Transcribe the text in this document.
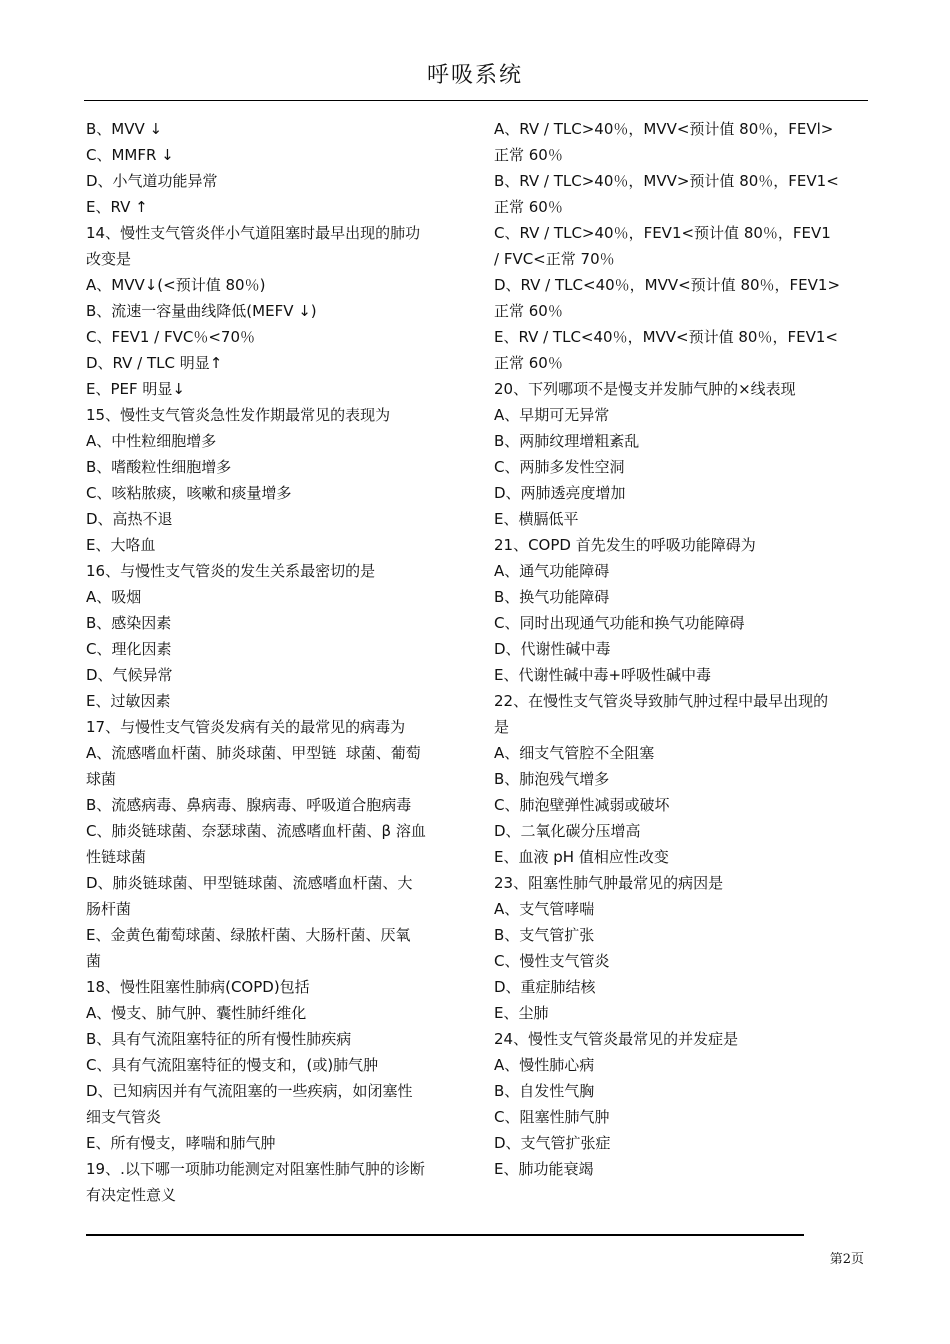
呼吸系统
B、MVV ↓
C、MMFR ↓
D、小气道功能异常
E、RV ↑
14、慢性支气管炎伴小气道阻塞时最早出现的肺功
改变是
A、MVV↓(<预计值 80％)
B、流速一容量曲线降低(MEFV ↓)
C、FEV1 / FVC％<70％
D、RV / TLC 明显↑
E、PEF 明显↓
15、慢性支气管炎急性发作期最常见的表现为
A、中性粒细胞增多
B、嗜酸粒性细胞增多
C、咳粘脓痰，咳嗽和痰量增多
D、高热不退
E、大咯血
16、与慢性支气管炎的发生关系最密切的是
A、吸烟
B、感染因素
C、理化因素
D、气候异常
E、过敏因素
17、与慢性支气管炎发病有关的最常见的病毒为
A、流感嗜血杆菌、肺炎球菌、甲型链  球菌、葡萄
球菌
B、流感病毒、鼻病毒、腺病毒、呼吸道合胞病毒
C、肺炎链球菌、奈瑟球菌、流感嗜血杆菌、β 溶血
性链球菌
D、肺炎链球菌、甲型链球菌、流感嗜血杆菌、大
肠杆菌
E、金黄色葡萄球菌、绿脓杆菌、大肠杆菌、厌氧
菌
18、慢性阻塞性肺病(COPD)包括
A、慢支、肺气肿、囊性肺纤维化
B、具有气流阻塞特征的所有慢性肺疾病
C、具有气流阻塞特征的慢支和，(或)肺气肿
D、已知病因并有气流阻塞的一些疾病，如闭塞性
细支气管炎
E、所有慢支，哮喘和肺气肿
19、.以下哪一项肺功能测定对阻塞性肺气肿的诊断
有决定性意义
A、RV / TLC>40％，MVV<预计值 80％，FEVl>
正常 60％
B、RV / TLC>40％，MVV>预计值 80％，FEV1<
正常 60％
C、RV / TLC>40％，FEV1<预计值 80％，FEV1
/ FVC<正常 70％
D、RV / TLC<40％，MVV<预计值 80％，FEV1>
正常 60％
E、RV / TLC<40％，MVV<预计值 80％，FEV1<
正常 60％
20、下列哪项不是慢支并发肺气肿的×线表现
A、早期可无异常
B、两肺纹理增粗紊乱
C、两肺多发性空洞
D、两肺透亮度增加
E、横膈低平
21、COPD 首先发生的呼吸功能障碍为
A、通气功能障碍
B、换气功能障碍
C、同时出现通气功能和换气功能障碍
D、代谢性碱中毒
E、代谢性碱中毒+呼吸性碱中毒
22、在慢性支气管炎导致肺气肿过程中最早出现的
是
A、细支气管腔不全阻塞
B、肺泡残气增多
C、肺泡壁弹性减弱或破坏
D、二氧化碳分压增高
E、血液 pH 值相应性改变
23、阻塞性肺气肿最常见的病因是
A、支气管哮喘
B、支气管扩张
C、慢性支气管炎
D、重症肺结核
E、尘肺
24、慢性支气管炎最常见的并发症是
A、慢性肺心病
B、自发性气胸
C、阻塞性肺气肿
D、支气管扩张症
E、肺功能衰竭
第2页
